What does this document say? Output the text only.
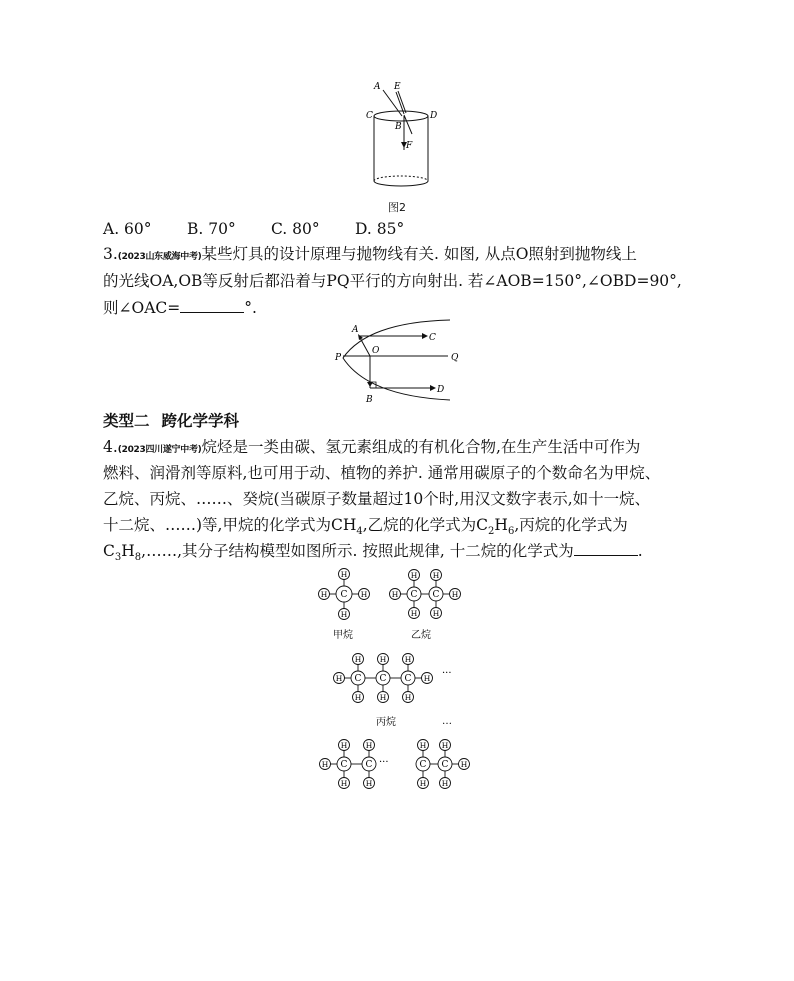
A E
C	D
B
F
图2
A. 60° B. 70° C. 80° D. 85°
3.(2023山东威海中考)某些灯具的设计原理与抛物线有关. 如图, 从点O照射到抛物线上
的光线OA,OB等反射后都沿着与PQ平行的方向射出. 若∠AOB=150°,∠OBD=90°,
则∠OAC=	°.
A
C
P
O
Q
B
D
类型二 跨化学学科
4.(2023四川遂宁中考)烷烃是一类由碳、氢元素组成的有机化合物,在生产生活中可作为
燃料、润滑剂等原料,也可用于动、植物的养护. 通常用碳原子的个数命名为甲烷、
乙烷、丙烷、……、癸烷(当碳原子数量超过10个时,用汉文数字表示,如十一烷、
十二烷、……)等,甲烷的化学式为$CH_4$,乙烷的化学式为$C_2H_6$,丙烷的化学式为
$C_3H_8,\dots\dots$,其分子结构模型如图所示. 按照此规律, 十二烷的化学式为	.
H	H
H
H
C	H	H
H
H
C
H
H
C
H	H
H
H
C
H
H
C
H
H
C
H
H
H
C
H
H
C	H
H
H
C
H
H
C
甲烷	乙烷
丙烷
···
…
···
